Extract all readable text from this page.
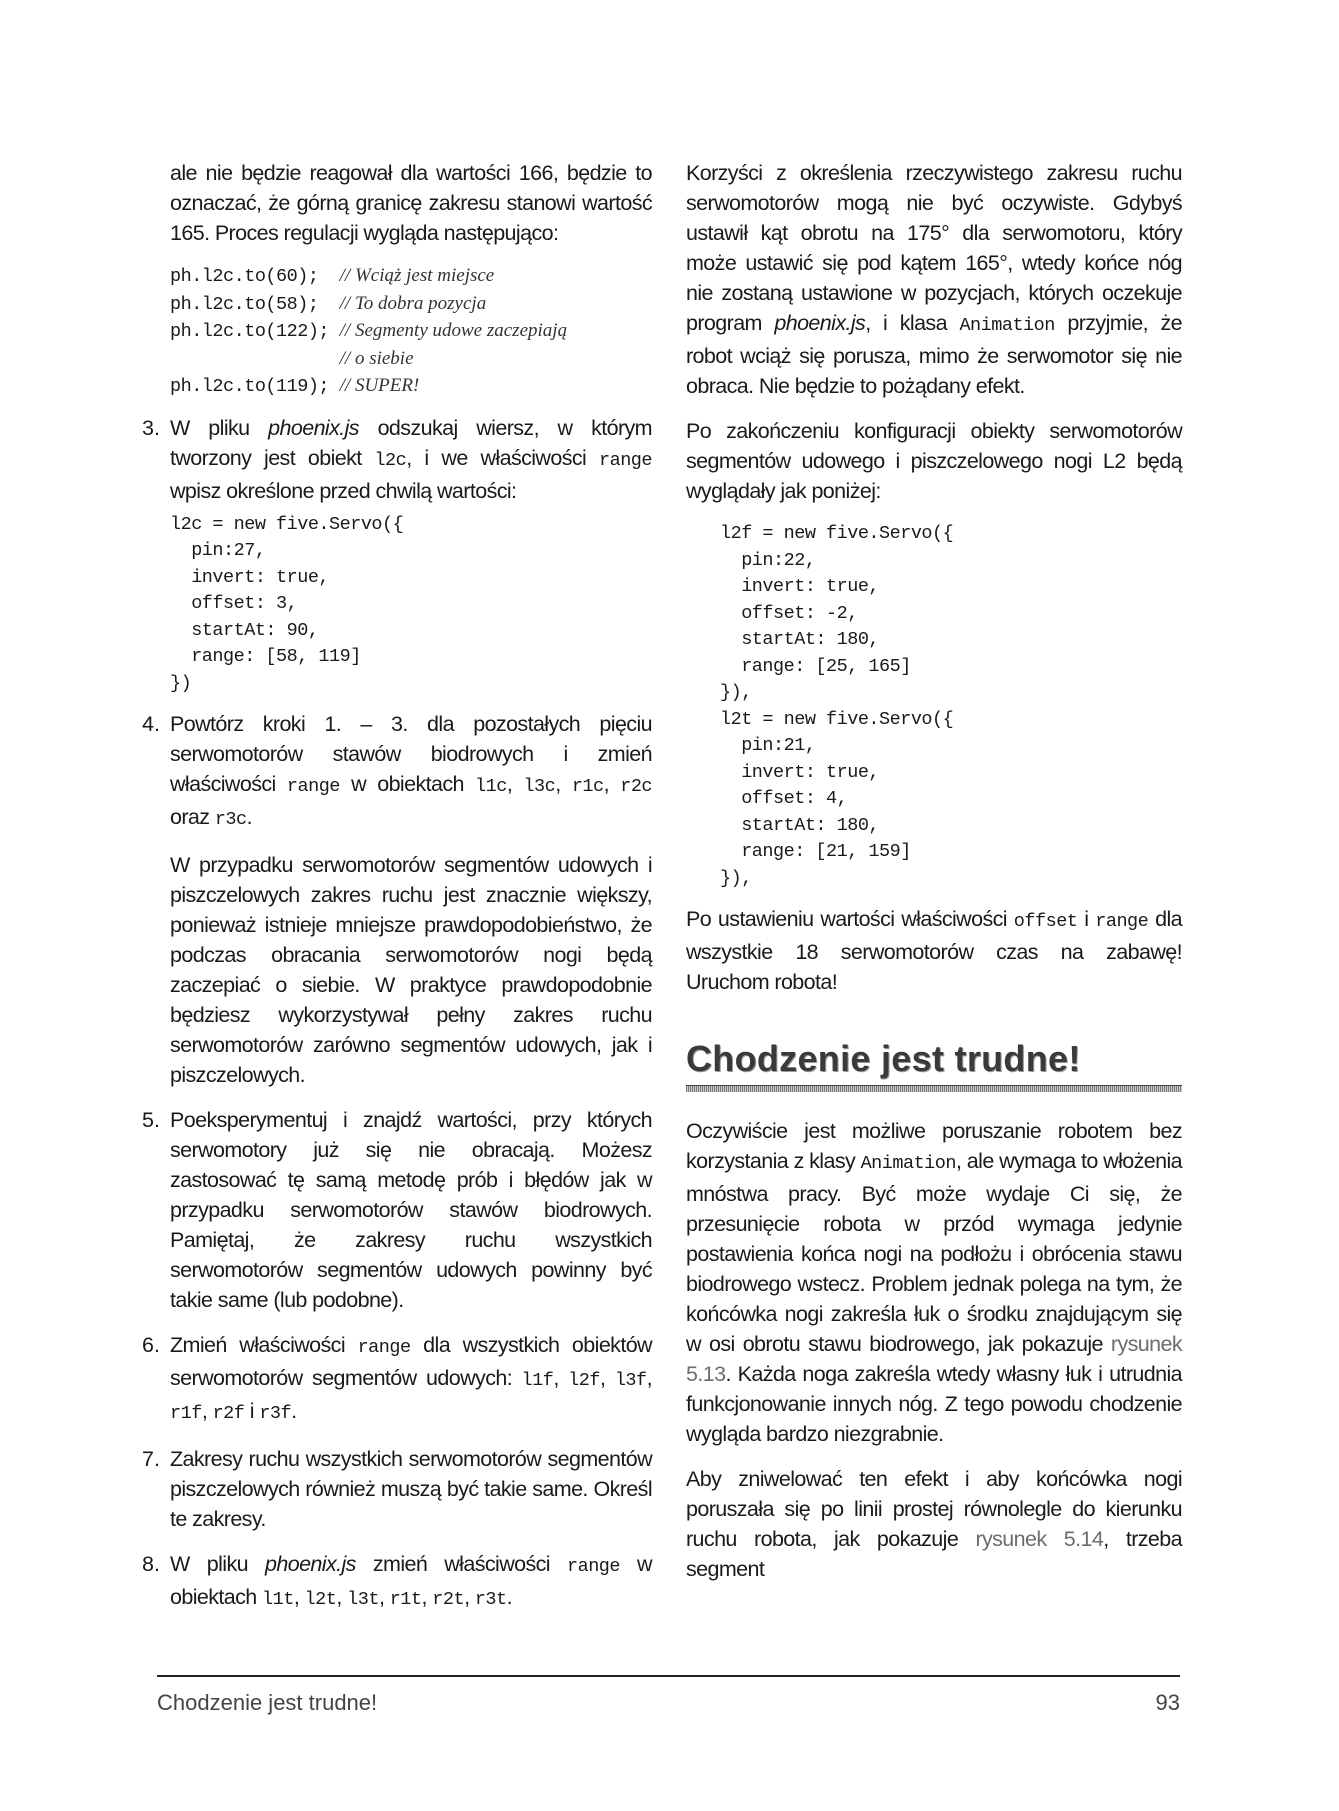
ale nie będzie reagował dla wartości 166, będzie to oznaczać, że górną granicę zakresu stanowi wartość 165. Proces regulacji wygląda następująco:

ph.l2c.to(60);  // Wciąż jest miejsce
ph.l2c.to(58);  // To dobra pozycja
ph.l2c.to(122); // Segmenty udowe zaczepiają
// o siebie
ph.l2c.to(119); // SUPER!
3. W pliku phoenix.js odszukaj wiersz, w którym tworzony jest obiekt l2c, i we właściwości range wpisz określone przed chwilą wartości:

l2c = new five.Servo({
pin:27,
invert: true,
offset: 3,
startAt: 90,
range: [58, 119]
})
4. Powtórz kroki 1. – 3. dla pozostałych pięciu serwomotorów stawów biodrowych i zmień właściwości range w obiektach l1c, l3c, r1c, r2c oraz r3c.

W przypadku serwomotorów segmentów udowych i piszczelowych zakres ruchu jest znacznie większy, ponieważ istnieje mniejsze prawdopodobieństwo, że podczas obracania serwomotorów nogi będą zaczepiać o siebie. W praktyce prawdopodobnie będziesz wykorzystywał pełny zakres ruchu serwomotorów zarówno segmentów udowych, jak i piszczelowych.

5. Poeksperymentuj i znajdź wartości, przy których serwomotory już się nie obracają. Możesz zastosować tę samą metodę prób i błędów jak w przypadku serwomotorów stawów biodrowych. Pamiętaj, że zakresy ruchu wszystkich serwomotorów segmentów udowych powinny być takie same (lub podobne).

6. Zmień właściwości range dla wszystkich obiektów serwomotorów segmentów udowych: l1f, l2f, l3f, r1f, r2f i r3f.

7. Zakresy ruchu wszystkich serwomotorów segmentów piszczelowych również muszą być takie same. Określ te zakresy.

8. W pliku phoenix.js zmień właściwości range w obiektach l1t, l2t, l3t, r1t, r2t, r3t.

Korzyści z określenia rzeczywistego zakresu ruchu serwomotorów mogą nie być oczywiste. Gdybyś ustawił kąt obrotu na 175° dla serwomotoru, który może ustawić się pod kątem 165°, wtedy końce nóg nie zostaną ustawione w pozycjach, których oczekuje program phoenix.js, i klasa Animation przyjmie, że robot wciąż się porusza, mimo że serwomotor się nie obraca. Nie będzie to pożądany efekt.

Po zakończeniu konfiguracji obiekty serwomotorów segmentów udowego i piszczelowego nogi L2 będą wyglądały jak poniżej:

l2f = new five.Servo({
pin:22,
invert: true,
offset: -2,
startAt: 180,
range: [25, 165]
}),
l2t = new five.Servo({
pin:21,
invert: true,
offset: 4,
startAt: 180,
range: [21, 159]
}),

Po ustawieniu wartości właściwości offset i range dla wszystkie 18 serwomotorów czas na zabawę! Uruchom robota!

Chodzenie jest trudne!

Oczywiście jest możliwe poruszanie robotem bez korzystania z klasy Animation, ale wymaga to włożenia mnóstwa pracy. Być może wydaje Ci się, że przesunięcie robota w przód wymaga jedynie postawienia końca nogi na podłożu i obrócenia stawu biodrowego wstecz. Problem jednak polega na tym, że końcówka nogi zakreśla łuk o środku znajdującym się w osi obrotu stawu biodrowego, jak pokazuje rysunek 5.13. Każda noga zakreśla wtedy własny łuk i utrudnia funkcjonowanie innych nóg. Z tego powodu chodzenie wygląda bardzo niezgrabnie.

Aby zniwelować ten efekt i aby końcówka nogi poruszała się po linii prostej równolegle do kierunku ruchu robota, jak pokazuje rysunek 5.14, trzeba segment

Chodzenie jest trudne!	93
